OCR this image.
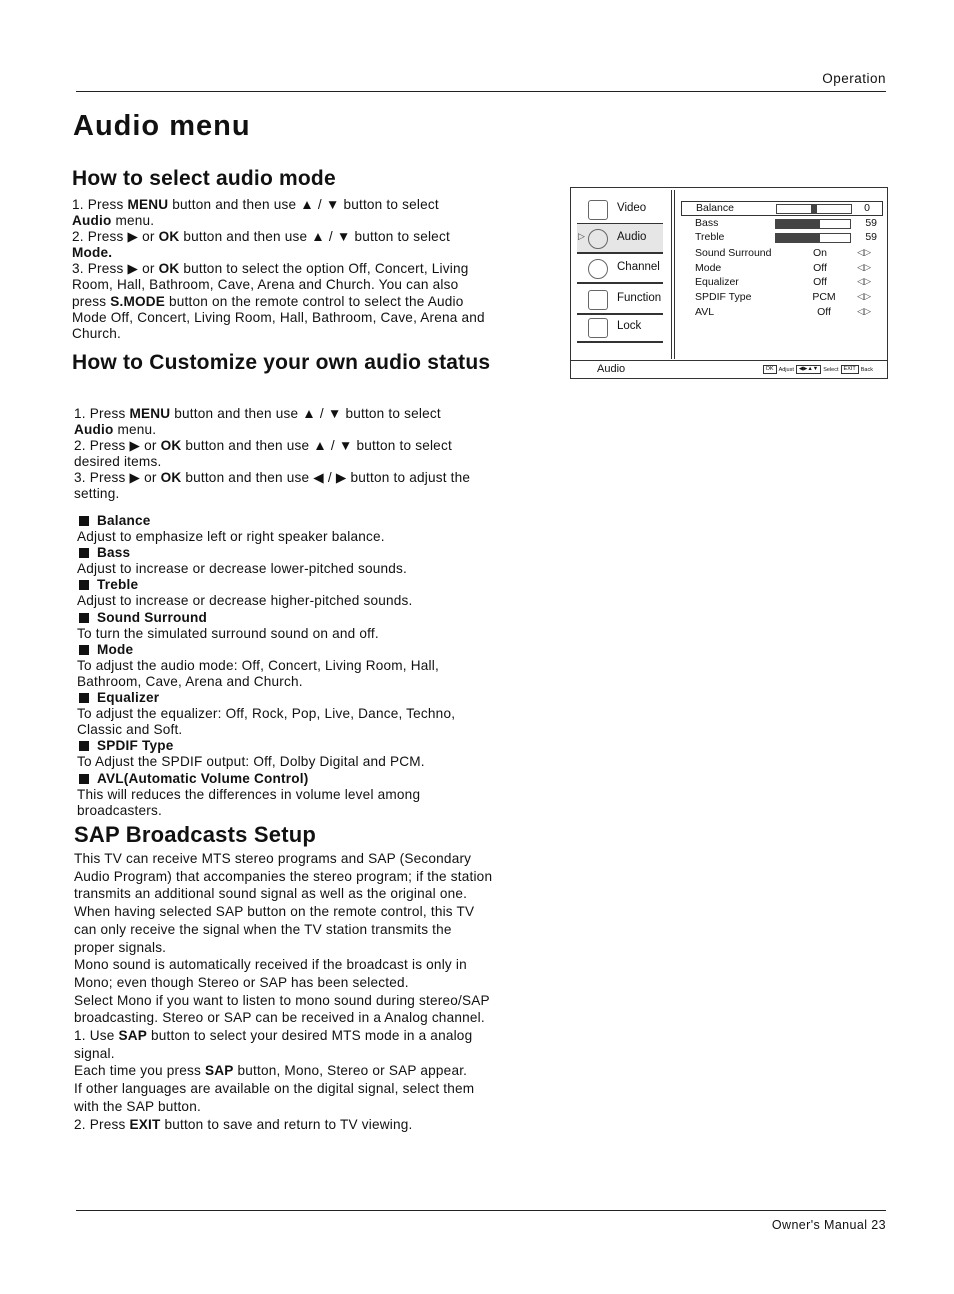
Operation
Audio menu
How to select audio mode

1. Press MENU button and then use ▲ / ▼ button to select
Audio menu.

2. Press ▶ or OK button and then use ▲ / ▼ button to select
Mode.

3. Press ▶ or OK button to select the option Off, Concert, Living Room, Hall, Bathroom, Cave, Arena and Church. You can also press S.MODE button on the remote control to select the Audio Mode Off, Concert, Living Room, Hall, Bathroom, Cave, Arena and Church.

How to Customize your own audio status

1. Press MENU button and then use ▲ / ▼ button to select
Audio menu.

2. Press ▶ or OK button and then use ▲ / ▼ button to select desired items.

3. Press ▶ or OK button and then use ◀ / ▶ button to adjust the setting.

Balance
Adjust to emphasize left or right speaker balance.
Bass
Adjust to increase or decrease lower-pitched sounds.
Treble
Adjust to increase or decrease higher-pitched sounds.
Sound Surround
To turn the simulated surround sound on and off.
Mode
To adjust the audio mode: Off, Concert, Living Room, Hall, Bathroom, Cave, Arena and Church.
Equalizer
To adjust the equalizer: Off, Rock, Pop, Live, Dance, Techno, Classic and Soft.
SPDIF Type
To Adjust the SPDIF output: Off, Dolby Digital and PCM.
AVL(Automatic Volume Control)
This will reduces the differences in volume level among broadcasters.
SAP Broadcasts Setup

This TV can receive MTS stereo programs and SAP (Secondary Audio Program) that accompanies the stereo program; if the station transmits an additional sound signal as well as the original one.

When having selected SAP button on the remote control, this TV can only receive the signal when the TV station transmits the proper signals.

Mono sound is automatically received if the broadcast is only in Mono; even though Stereo or SAP has been selected.

Select Mono if you want to listen to mono sound during stereo/SAP broadcasting. Stereo or SAP can be received in a Analog channel.

1. Use SAP button to select your desired MTS mode in a analog signal.

Each time you press SAP button, Mono, Stereo or SAP appear.

If other languages are available on the digital signal, select them with the SAP button.

2. Press EXIT button to save and return to TV viewing.

Video
▷	Audio
Channel
Function
Lock
Balance	0
Bass	59
Treble	59
Sound Surround	On	◁▷
Mode	Off	◁▷
Equalizer	Off	◁▷
SPDIF Type	PCM	◁▷
AVL	Off	◁▷
Audio	OK Adjust ◀▶▲▼ Select EXIT Back
Owner's Manual 23
